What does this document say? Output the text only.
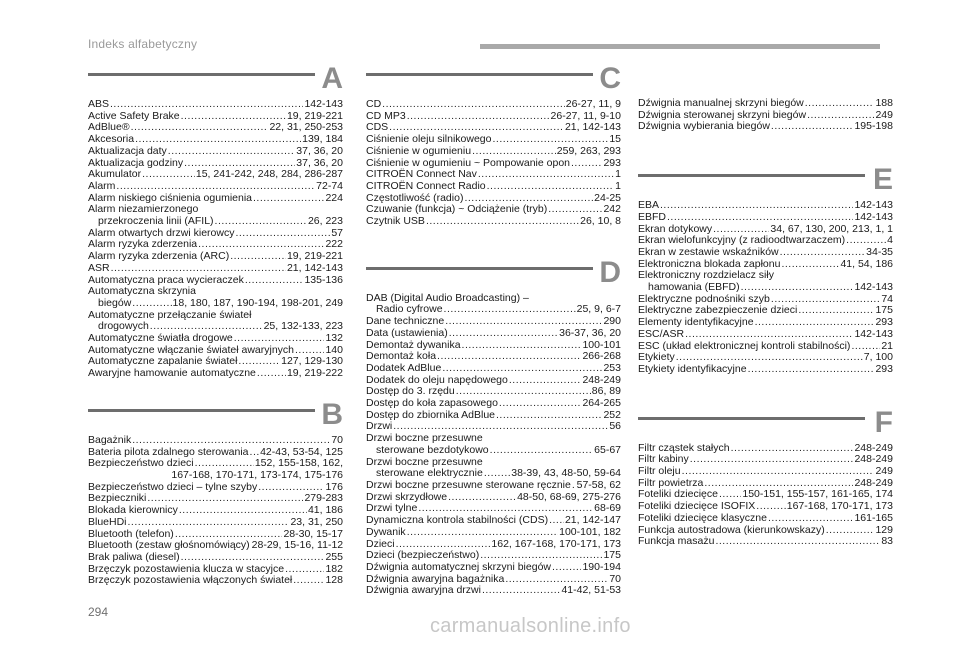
Indeks alfabetyczny
A
ABS .....	142-143
Active Safety Brake .....	19, 219-221
AdBlue® .....	22, 31, 250-253
Akcesoria .....	139, 184
Aktualizacja daty .....	37, 36, 20
Aktualizacja godziny .....	37, 36, 20
Akumulator .....	15, 241-242, 248, 284, 286-287
Alarm .....	72-74
Alarm niskiego ciśnienia ogumienia .....	224
Alarm niezamierzonego
przekroczenia linii (AFIL) .....	26, 223
Alarm otwartych drzwi kierowcy .....	57
Alarm ryzyka zderzenia .....	222
Alarm ryzyka zderzenia (ARC) .....	19, 219-221
ASR .....	21, 142-143
Automatyczna praca wycieraczek .....	135-136
Automatyczna skrzynia
biegów .....	18, 180, 187, 190-194, 198-201, 249
Automatyczne przełączanie świateł
drogowych .....	25, 132-133, 223
Automatyczne światła drogowe .....	132
Automatyczne włączanie świateł awaryjnych .....	140
Automatyczne zapalanie świateł .....	127, 129-130
Awaryjne hamowanie automatyczne .....	19, 219-222
B
Bagażnik .....	70
Bateria pilota zdalnego sterowania ..... 42-43, 53-54, 125
Bezpieczeństwo dzieci .....	152, 155-158, 162,
167-168, 170-171, 173-174, 175-176
Bezpieczeństwo dzieci – tylne szyby .....	176
Bezpieczniki .....	279-283
Blokada kierownicy .....	41, 186
BlueHDi .....	23, 31, 250
Bluetooth (telefon) .....	28-30, 15-17
Bluetooth (zestaw głośnomówiący) 28-29, 15-16, 11-12
Brak paliwa (diesel) .....	255
Brzęczyk pozostawienia klucza w stacyjce .....	182
Brzęczyk pozostawienia włączonych świateł .....	128
C
CD .....	26-27, 11, 9
CD MP3 .....	26-27, 11, 9-10
CDS .....	21, 142-143
Ciśnienie oleju silnikowego .....	15
Ciśnienie w ogumieniu .....	259, 263, 293
Ciśnienie w ogumieniu ~ Pompowanie opon .....	293
CITROËN Connect Nav .....	1
CITROËN Connect Radio .....	1
Częstotliwość (radio) .....	24-25
Czuwanie (funkcja) ~ Odciążenie (tryb) .....	242
Czytnik USB .....	26, 10, 8
D
DAB (Digital Audio Broadcasting) –
Radio cyfrowe .....	25, 9, 6-7
Dane techniczne .....	290
Data (ustawienia) .....	36-37, 36, 20
Demontaż dywanika .....	100-101
Demontaż koła .....	266-268
Dodatek AdBlue .....	253
Dodatek do oleju napędowego .....	248-249
Dostęp do 3. rzędu .....	86, 89
Dostęp do koła zapasowego .....	264-265
Dostęp do zbiornika AdBlue .....	252
Drzwi .....	56
Drzwi boczne przesuwne
sterowane bezdotykowo .....	65-67
Drzwi boczne przesuwne
sterowane elektrycznie .....	38-39, 43, 48-50, 59-64
Drzwi boczne przesuwne sterowane ręcznie ..... 57-58, 62
Drzwi skrzydłowe .....	48-50, 68-69, 275-276
Drzwi tylne .....	68-69
Dynamiczna kontrola stabilności (CDS) ..... 21, 142-147
Dywanik .....	100-101, 182
Dzieci .....	162, 167-168, 170-171, 173
Dzieci (bezpieczeństwo) .....	175
Dźwignia automatycznej skrzyni biegów .....	190-194
Dźwignia awaryjna bagażnika .....	70
Dźwignia awaryjna drzwi .....	41-42, 51-53
Dźwignia manualnej skrzyni biegów .....	188
Dźwignia sterowanej skrzyni biegów .....	249
Dźwignia wybierania biegów .....	195-198
E
EBA .....	142-143
EBFD .....	142-143
Ekran dotykowy .....	34, 67, 130, 200, 213, 1, 1
Ekran wielofunkcyjny (z radioodtwarzaczem) .....	4
Ekran w zestawie wskaźników .....	34-35
Elektroniczna blokada zapłonu .....	41, 54, 186
Elektroniczny rozdzielacz siły
hamowania (EBFD) .....	142-143
Elektryczne podnośniki szyb .....	74
Elektryczne zabezpieczenie dzieci .....	175
Elementy identyfikacyjne .....	293
ESC/ASR .....	142-143
ESC (układ elektronicznej kontroli stabilności) .....	21
Etykiety .....	7, 100
Etykiety identyfikacyjne .....	293
F
Filtr cząstek stałych .....	248-249
Filtr kabiny .....	248-249
Filtr oleju .....	249
Filtr powietrza .....	248-249
Foteliki dziecięce ..... 150-151, 155-157, 161-165, 174
Foteliki dziecięce ISOFIX .....	167-168, 170-171, 173
Foteliki dziecięce klasyczne .....	161-165
Funkcja autostradowa (kierunkowskazy) .....	129
Funkcja masażu .....	83
294
carmanualsonline.info
